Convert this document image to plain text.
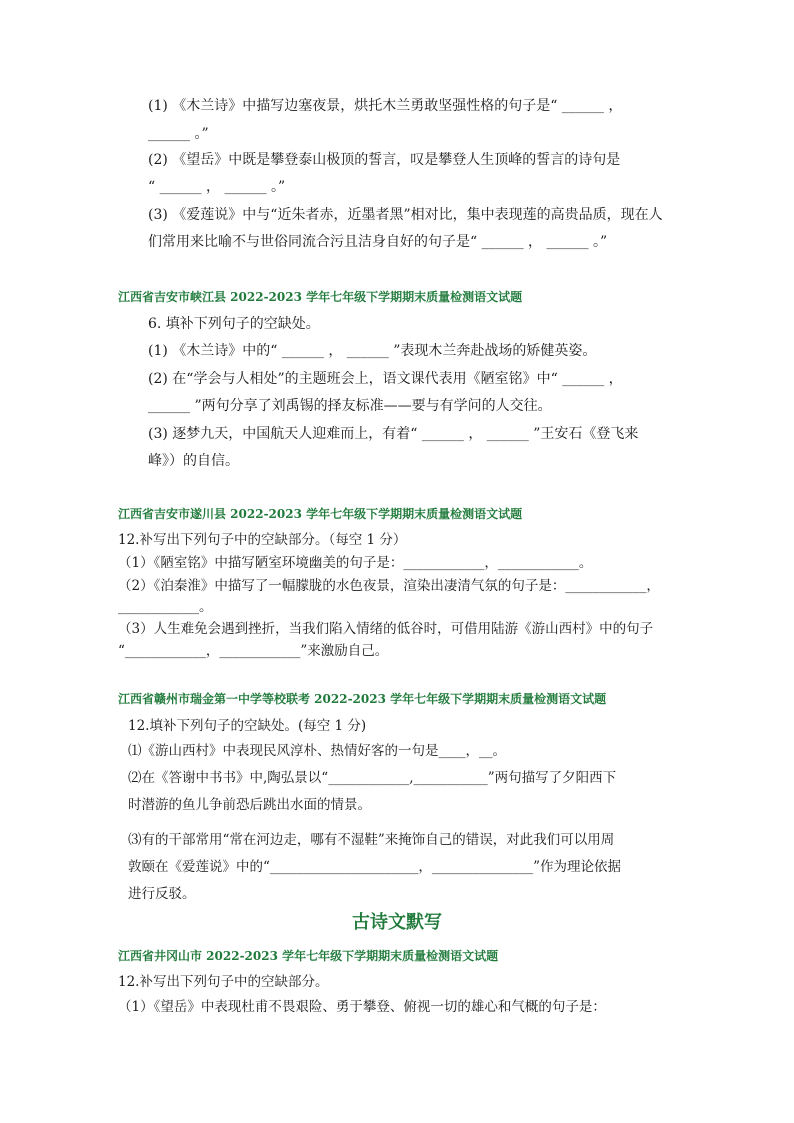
(1) 《木兰诗》中描写边塞夜景，烘托木兰勇敢坚强性格的句子是“ ______ ，
______ 。”
(2) 《望岳》中既是攀登泰山极顶的誓言，叹是攀登人生顶峰的誓言的诗句是
“ ______ ， ______ 。”
(3) 《爱莲说》中与“近朱者赤，近墨者黑”相对比，集中表现莲的高贵品质，现在人
们常用来比喻不与世俗同流合污且洁身自好的句子是“ ______ ， ______ 。”
江西省吉安市峡江县 2022-2023 学年七年级下学期期末质量检测语文试题
6. 填补下列句子的空缺处。
(1) 《木兰诗》中的“ ______ ， ______ ”表现木兰奔赴战场的矫健英姿。
(2) 在“学会与人相处”的主题班会上，语文课代表用《陋室铭》中“ ______ ，
______ ”两句分享了刘禹锡的择友标准——要与有学问的人交往。
(3) 逐梦九天，中国航天人迎难而上，有着“ ______ ， ______ ”王安石《登飞来
峰》）的自信。
江西省吉安市遂川县 2022-2023 学年七年级下学期期末质量检测语文试题
12.补写出下列句子中的空缺部分。（每空 1 分）
（1）《陋室铭》中描写陋室环境幽美的句子是：____________，____________。
（2）《泊秦淮》中描写了一幅朦胧的水色夜景，渲染出凄清气氛的句子是：____________，
____________。
（3）人生难免会遇到挫折，当我们陷入情绪的低谷时，可借用陆游《游山西村》中的句子
“____________，____________”来激励自己。
江西省赣州市瑞金第一中学等校联考 2022-2023 学年七年级下学期期末质量检测语文试题
12.填补下列句子的空缺处。(每空 1 分)
⑴《游山西村》中表现民风淳朴、热情好客的一句是____，__。
⑵在《答谢中书书》中,陶弘景以“____________,___________”两句描写了夕阳西下
时潜游的鱼儿争前恐后跳出水面的情景。
⑶有的干部常用“常在河边走，哪有不湿鞋”来掩饰自己的错误，对此我们可以用周
敦颐在《爱莲说》中的“______________________，_______________”作为理论依据
进行反驳。
古诗文默写
江西省井冈山市 2022-2023 学年七年级下学期期末质量检测语文试题
12.补写出下列句子中的空缺部分。
（1）《望岳》中表现杜甫不畏艰险、勇于攀登、俯视一切的雄心和气概的句子是：
